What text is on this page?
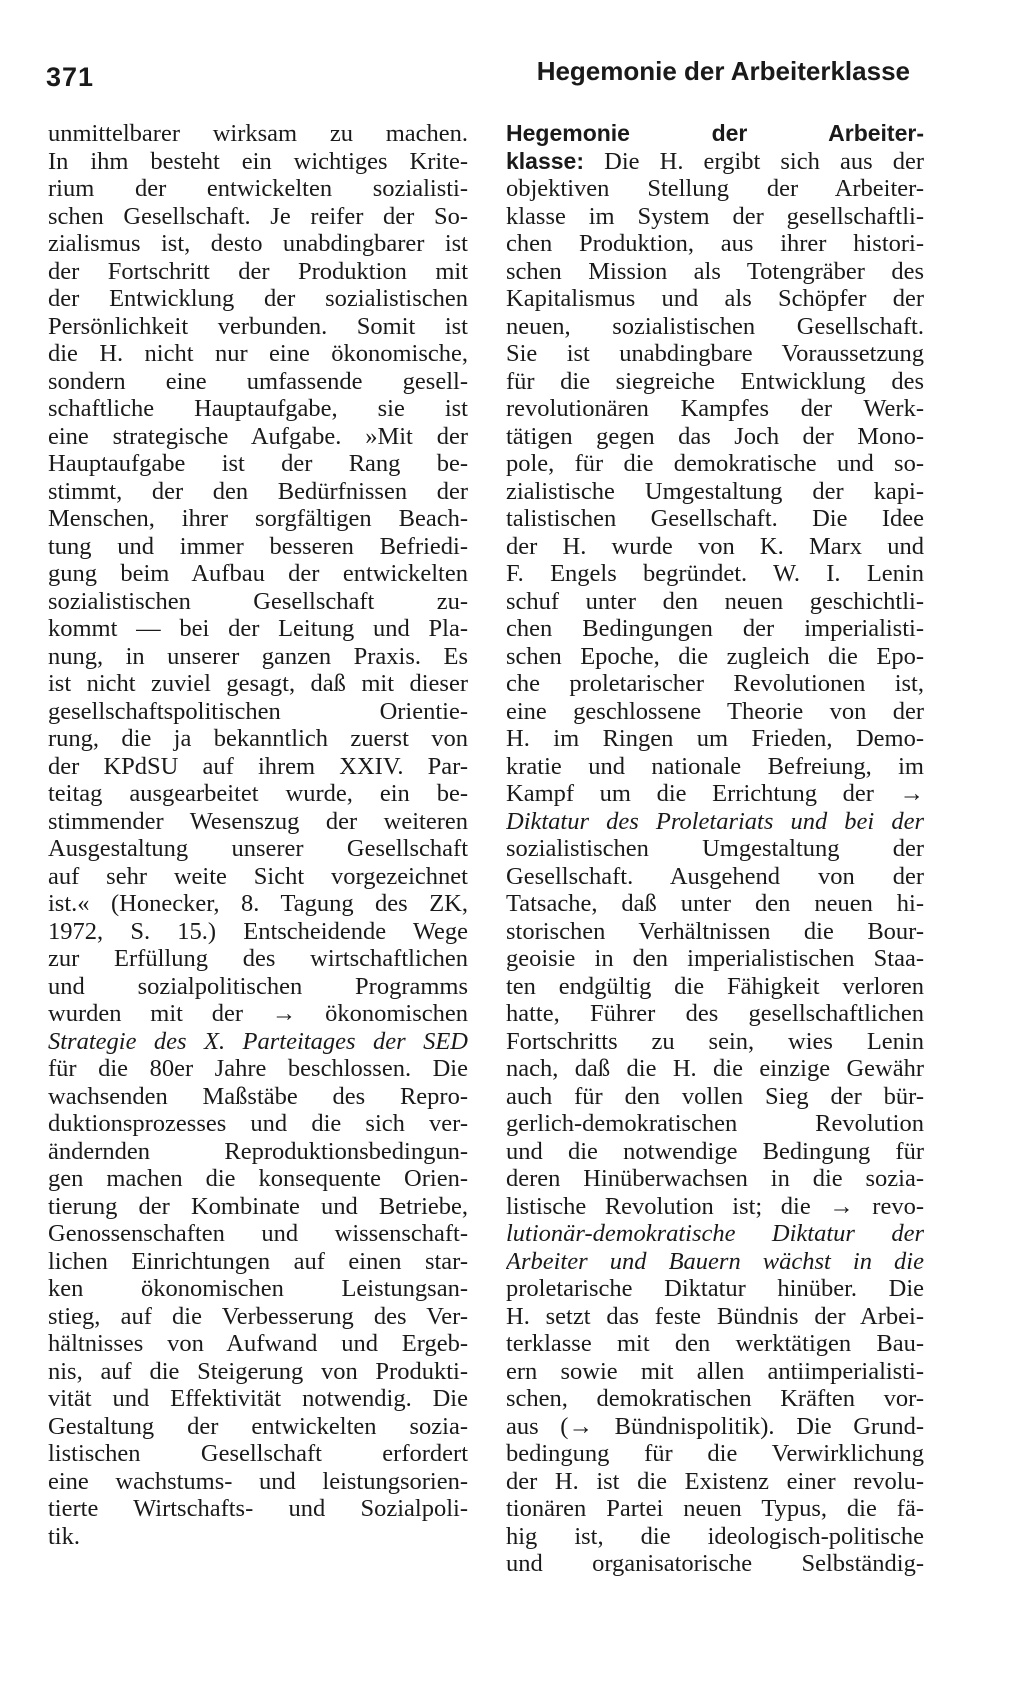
371	Hegemonie der Arbeiterklasse
unmittelbarer wirksam zu machen.
In ihm besteht ein wichtiges Krite-
rium der entwickelten sozialisti-
schen Gesellschaft. Je reifer der So-
zialismus ist, desto unabdingbarer ist
der Fortschritt der Produktion mit
der Entwicklung der sozialistischen
Persönlichkeit verbunden. Somit ist
die H. nicht nur eine ökonomische,
sondern eine umfassende gesell-
schaftliche Hauptaufgabe, sie ist
eine strategische Aufgabe. »Mit der
Hauptaufgabe ist der Rang be-
stimmt, der den Bedürfnissen der
Menschen, ihrer sorgfältigen Beach-
tung und immer besseren Befriedi-
gung beim Aufbau der entwickelten
sozialistischen Gesellschaft zu-
kommt — bei der Leitung und Pla-
nung, in unserer ganzen Praxis. Es
ist nicht zuviel gesagt, daß mit dieser
gesellschaftspolitischen Orientie-
rung, die ja bekanntlich zuerst von
der KPdSU auf ihrem XXIV. Par-
teitag ausgearbeitet wurde, ein be-
stimmender Wesenszug der weiteren
Ausgestaltung unserer Gesellschaft
auf sehr weite Sicht vorgezeichnet
ist.« (Honecker, 8. Tagung des ZK,
1972, S. 15.) Entscheidende Wege
zur Erfüllung des wirtschaftlichen
und sozialpolitischen Programms
wurden mit der → ökonomischen
Strategie des X. Parteitages der SED
für die 80er Jahre beschlossen. Die
wachsenden Maßstäbe des Repro-
duktionsprozesses und die sich ver-
ändernden Reproduktionsbedingun-
gen machen die konsequente Orien-
tierung der Kombinate und Betriebe,
Genossenschaften und wissenschaft-
lichen Einrichtungen auf einen star-
ken ökonomischen Leistungsan-
stieg, auf die Verbesserung des Ver-
hältnisses von Aufwand und Ergeb-
nis, auf die Steigerung von Produkti-
vität und Effektivität notwendig. Die
Gestaltung der entwickelten sozia-
listischen Gesellschaft erfordert
eine wachstums- und leistungsorien-
tierte Wirtschafts- und Sozialpoli-
tik.
Hegemonie der Arbeiter-
klasse: Die H. ergibt sich aus der
objektiven Stellung der Arbeiter-
klasse im System der gesellschaftli-
chen Produktion, aus ihrer histori-
schen Mission als Totengräber des
Kapitalismus und als Schöpfer der
neuen, sozialistischen Gesellschaft.
Sie ist unabdingbare Voraussetzung
für die siegreiche Entwicklung des
revolutionären Kampfes der Werk-
tätigen gegen das Joch der Mono-
pole, für die demokratische und so-
zialistische Umgestaltung der kapi-
talistischen Gesellschaft. Die Idee
der H. wurde von K. Marx und
F. Engels begründet. W. I. Lenin
schuf unter den neuen geschichtli-
chen Bedingungen der imperialisti-
schen Epoche, die zugleich die Epo-
che proletarischer Revolutionen ist,
eine geschlossene Theorie von der
H. im Ringen um Frieden, Demo-
kratie und nationale Befreiung, im
Kampf um die Errichtung der →
Diktatur des Proletariats und bei der
sozialistischen Umgestaltung der
Gesellschaft. Ausgehend von der
Tatsache, daß unter den neuen hi-
storischen Verhältnissen die Bour-
geoisie in den imperialistischen Staa-
ten endgültig die Fähigkeit verloren
hatte, Führer des gesellschaftlichen
Fortschritts zu sein, wies Lenin
nach, daß die H. die einzige Gewähr
auch für den vollen Sieg der bür-
gerlich-demokratischen Revolution
und die notwendige Bedingung für
deren Hinüberwachsen in die sozia-
listische Revolution ist; die → revo-
lutionär-demokratische Diktatur der
Arbeiter und Bauern wächst in die
proletarische Diktatur hinüber. Die
H. setzt das feste Bündnis der Arbei-
terklasse mit den werktätigen Bau-
ern sowie mit allen antiimperialisti-
schen, demokratischen Kräften vor-
aus (→ Bündnispolitik). Die Grund-
bedingung für die Verwirklichung
der H. ist die Existenz einer revolu-
tionären Partei neuen Typus, die fä-
hig ist, die ideologisch-politische
und organisatorische Selbständig-
